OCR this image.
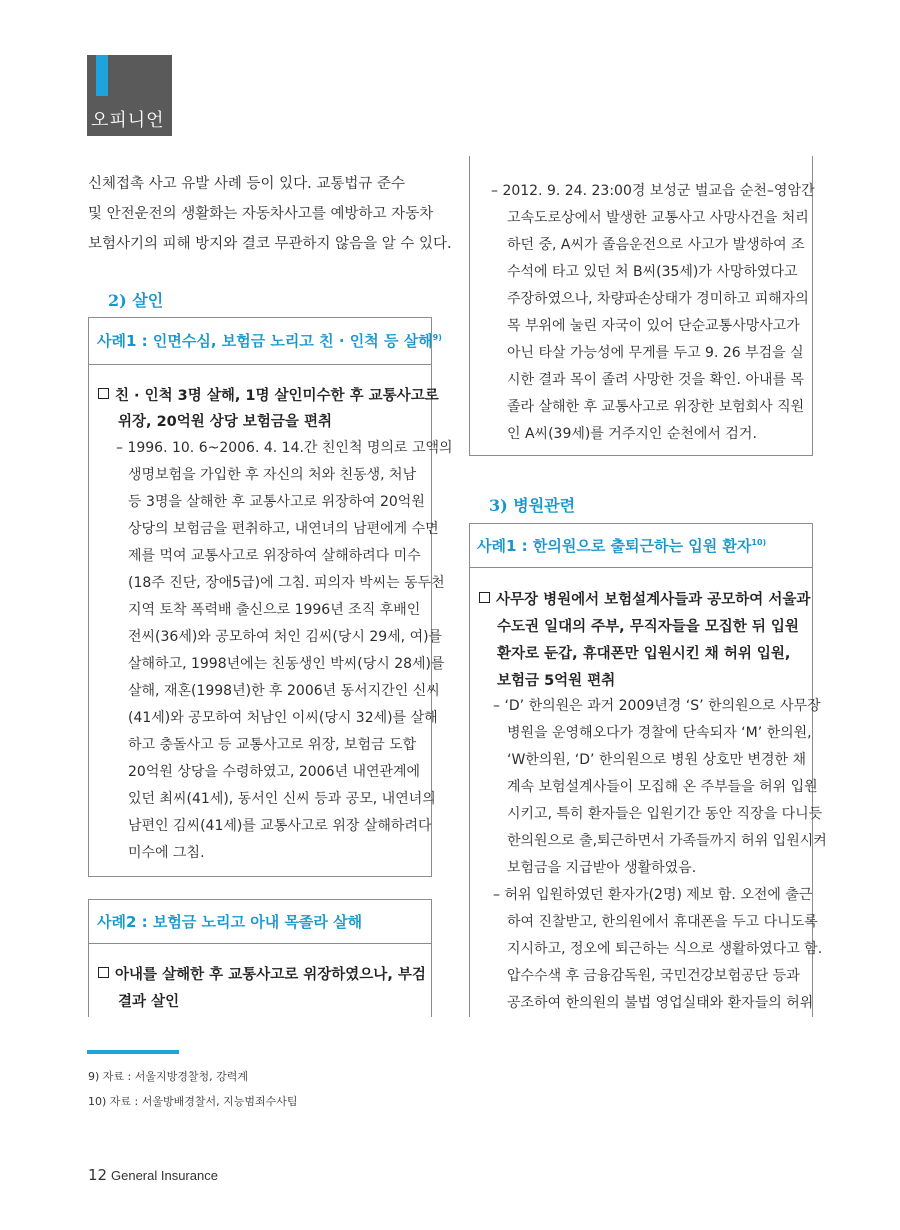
오피니언
신체접촉 사고 유발 사례 등이 있다. 교통법규 준수
및 안전운전의 생활화는 자동차사고를 예방하고 자동차
보험사기의 피해 방지와 결코 무관하지 않음을 알 수 있다.
2) 살인
사례1 : 인면수심, 보험금 노리고 친 · 인척 등 살해$^{9)}$
친 · 인척 3명 살해, 1명 살인미수한 후 교통사고로
위장, 20억원 상당 보험금을 편취
– 1996. 10. 6~2006. 4. 14.간 친인척 명의로 고액의
생명보험을 가입한 후 자신의 처와 친동생, 처남
등 3명을 살해한 후 교통사고로 위장하여 20억원
상당의 보험금을 편취하고, 내연녀의 남편에게 수면
제를 먹여 교통사고로 위장하여 살해하려다 미수
(18주 진단, 장애5급)에 그침. 피의자 박씨는 동두천
지역 토착 폭력배 출신으로 1996년 조직 후배인
전씨(36세)와 공모하여 처인 김씨(당시 29세, 여)를
살해하고, 1998년에는 친동생인 박씨(당시 28세)를
살해, 재혼(1998년)한 후 2006년 동서지간인 신씨
(41세)와 공모하여 처남인 이씨(당시 32세)를 살해
하고 충돌사고 등 교통사고로 위장, 보험금 도합
20억원 상당을 수령하였고, 2006년 내연관계에
있던 최씨(41세), 동서인 신씨 등과 공모, 내연녀의
남편인 김씨(41세)를 교통사고로 위장 살해하려다
미수에 그침.
사례2 : 보험금 노리고 아내 목졸라 살해
아내를 살해한 후 교통사고로 위장하였으나, 부검
결과 살인
– 2012. 9. 24. 23:00경 보성군 벌교읍 순천–영암간
고속도로상에서 발생한 교통사고 사망사건을 처리
하던 중, A씨가 졸음운전으로 사고가 발생하여 조
수석에 타고 있던 처 B씨(35세)가 사망하였다고
주장하였으나, 차량파손상태가 경미하고 피해자의
목 부위에 눌린 자국이 있어 단순교통사망사고가
아닌 타살 가능성에 무게를 두고 9. 26 부검을 실
시한 결과 목이 졸려 사망한 것을 확인. 아내를 목
졸라 살해한 후 교통사고로 위장한 보험회사 직원
인 A씨(39세)를 거주지인 순천에서 검거.
3) 병원관련
사례1 : 한의원으로 출퇴근하는 입원 환자$^{10)}$
사무장 병원에서 보험설계사들과 공모하여 서울과
수도권 일대의 주부, 무직자들을 모집한 뒤 입원
환자로 둔갑, 휴대폰만 입원시킨 채 허위 입원,
보험금 5억원 편취
– ‘D’ 한의원은 과거 2009년경 ‘S’ 한의원으로 사무장
병원을 운영해오다가 경찰에 단속되자 ‘M’ 한의원,
‘W한의원, ‘D’ 한의원으로 병원 상호만 변경한 채
계속 보험설계사들이 모집해 온 주부들을 허위 입원
시키고, 특히 환자들은 입원기간 동안 직장을 다니듯
한의원으로 출,퇴근하면서 가족들까지 허위 입원시켜
보험금을 지급받아 생활하였음.
– 허위 입원하였던 환자가(2명) 제보 함. 오전에 출근
하여 진찰받고, 한의원에서 휴대폰을 두고 다니도록
지시하고, 정오에 퇴근하는 식으로 생활하였다고 함.
압수수색 후 금융감독원, 국민건강보험공단 등과
공조하여 한의원의 불법 영업실태와 환자들의 허위
9) 자료 : 서울지방경찰청, 강력계
10) 자료 : 서울방배경찰서, 지능범죄수사팀
12 General Insurance
